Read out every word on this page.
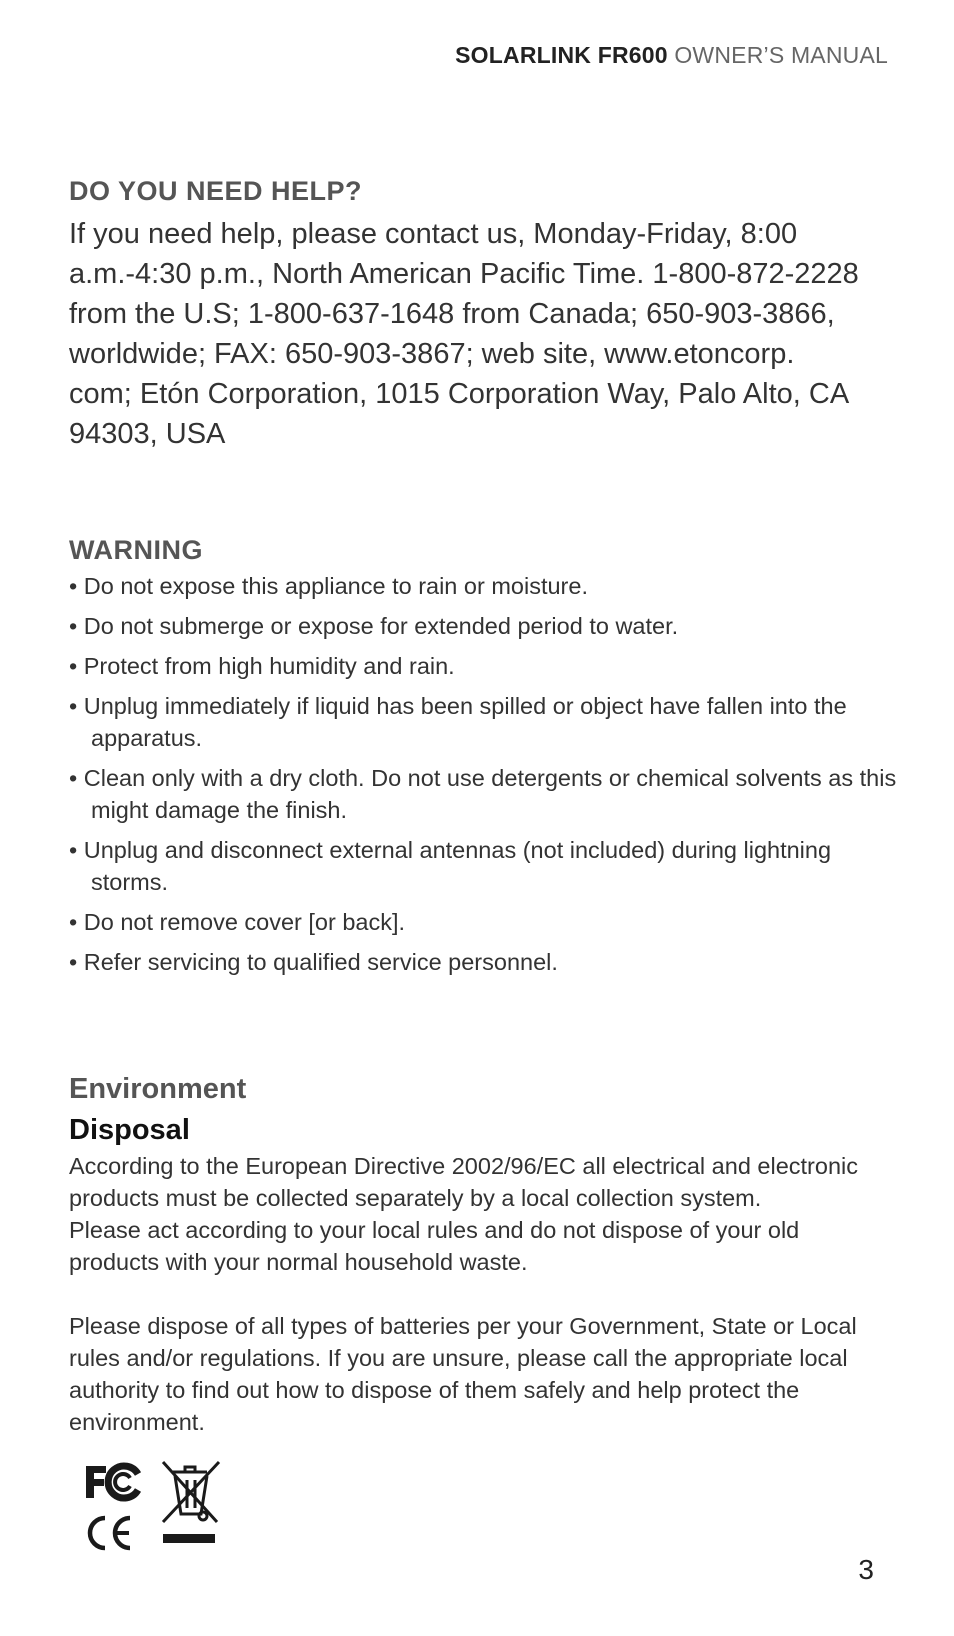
SOLARLINK FR600 OWNER’S MANUAL
DO YOU NEED HELP?

If you need help, please contact us, Monday-Friday, 8:00
a.m.-4:30 p.m., North American Pacific Time. 1-800-872-2228
from the U.S; 1-800-637-1648 from Canada; 650-903-3866,
worldwide; FAX: 650-903-3867; web site, www.etoncorp.
com; Etón Corporation, 1015 Corporation Way, Palo Alto, CA
94303, USA

WARNING
• Do not expose this appliance to rain or moisture.
• Do not submerge or expose for extended period to water.
• Protect from high humidity and rain.
• Unplug immediately if liquid has been spilled or object have fallen into the apparatus.
• Clean only with a dry cloth. Do not use detergents or chemical solvents as this might damage the finish.
• Unplug and disconnect external antennas (not included) during lightning storms.
• Do not remove cover [or back].
• Refer servicing to qualified service personnel.
Environment
Disposal

According to the European Directive 2002/96/EC all electrical and electronic
products must be collected separately by a local collection system.
Please act according to your local rules and do not dispose of your old
products with your normal household waste.

Please dispose of all types of batteries per your Government, State or Local
rules and/or regulations. If you are unsure, please call the appropriate local
authority to find out how to dispose of them safely and help protect the
environment.

3
